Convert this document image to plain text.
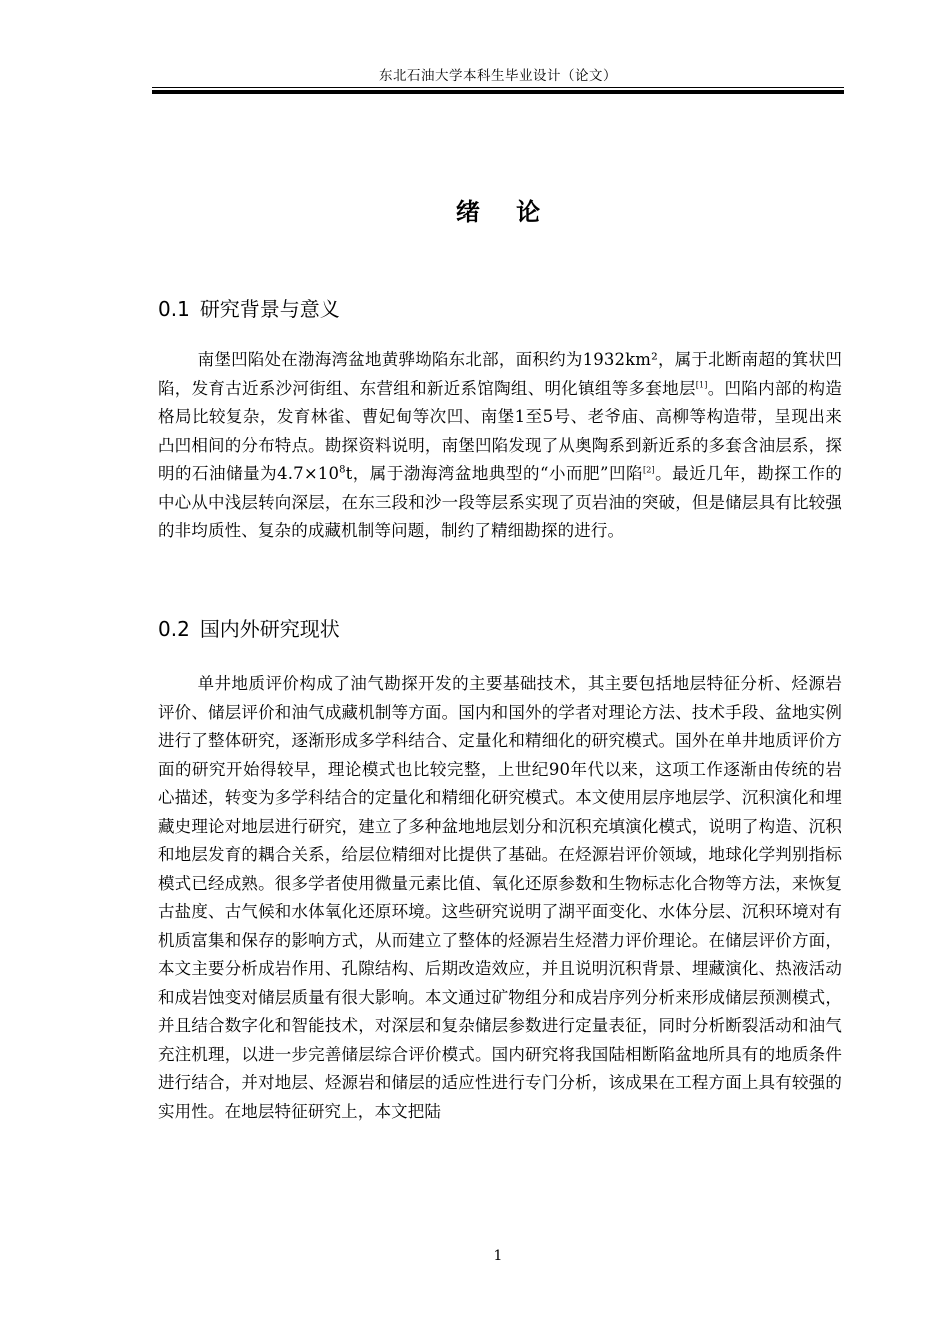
东北石油大学本科生毕业设计（论文）
绪 论
0.1 研究背景与意义

南堡凹陷处在渤海湾盆地黄骅坳陷东北部，面积约为1932km²，属于北断南超的箕状凹陷，发育古近系沙河街组、东营组和新近系馆陶组、明化镇组等多套地层[1]。凹陷内部的构造格局比较复杂，发育林雀、曹妃甸等次凹、南堡1至5号、老爷庙、高柳等构造带，呈现出来凸凹相间的分布特点。勘探资料说明，南堡凹陷发现了从奥陶系到新近系的多套含油层系，探明的石油储量为$4.7\times 10^8t$，属于渤海湾盆地典型的“小而肥”凹陷[2]。最近几年，勘探工作的中心从中浅层转向深层，在东三段和沙一段等层系实现了页岩油的突破，但是储层具有比较强的非均质性、复杂的成藏机制等问题，制约了精细勘探的进行。

0.2 国内外研究现状

单井地质评价构成了油气勘探开发的主要基础技术，其主要包括地层特征分析、烃源岩评价、储层评价和油气成藏机制等方面。国内和国外的学者对理论方法、技术手段、盆地实例进行了整体研究，逐渐形成多学科结合、定量化和精细化的研究模式。国外在单井地质评价方面的研究开始得较早，理论模式也比较完整，上世纪90年代以来，这项工作逐渐由传统的岩心描述，转变为多学科结合的定量化和精细化研究模式。本文使用层序地层学、沉积演化和埋藏史理论对地层进行研究，建立了多种盆地地层划分和沉积充填演化模式，说明了构造、沉积和地层发育的耦合关系，给层位精细对比提供了基础。在烃源岩评价领域，地球化学判别指标模式已经成熟。很多学者使用微量元素比值、氧化还原参数和生物标志化合物等方法，来恢复古盐度、古气候和水体氧化还原环境。这些研究说明了湖平面变化、水体分层、沉积环境对有机质富集和保存的影响方式，从而建立了整体的烃源岩生烃潜力评价理论。在储层评价方面，本文主要分析成岩作用、孔隙结构、后期改造效应，并且说明沉积背景、埋藏演化、热液活动和成岩蚀变对储层质量有很大影响。本文通过矿物组分和成岩序列分析来形成储层预测模式，并且结合数字化和智能技术，对深层和复杂储层参数进行定量表征，同时分析断裂活动和油气充注机理，以进一步完善储层综合评价模式。国内研究将我国陆相断陷盆地所具有的地质条件进行结合，并对地层、烃源岩和储层的适应性进行专门分析，该成果在工程方面上具有较强的实用性。在地层特征研究上，本文把陆

1
